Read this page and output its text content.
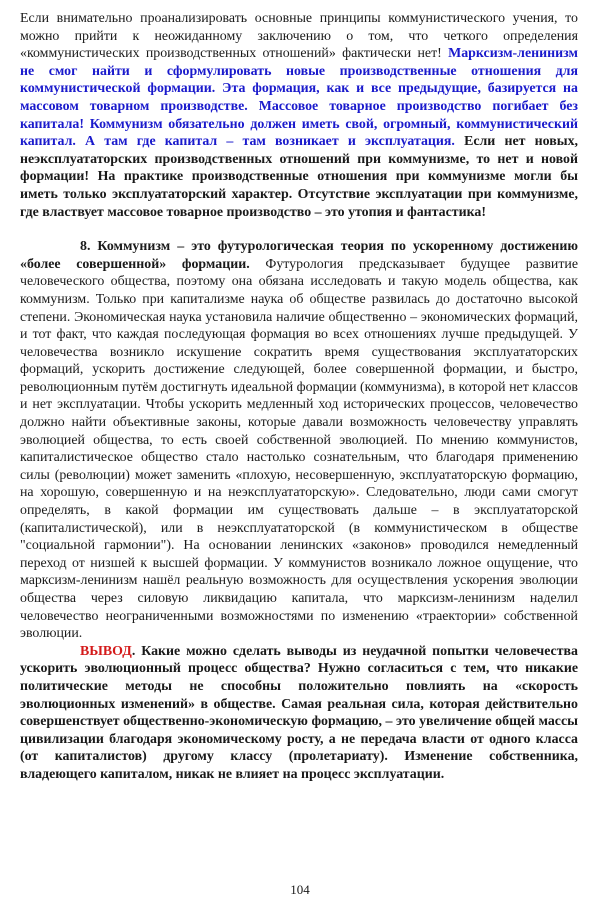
Если внимательно проанализировать основные принципы коммунистического учения, то можно прийти к неожиданному заключению о том, что четкого определения «коммунистических производственных отношений» фактически нет! Марксизм-ленинизм не смог найти и сформулировать новые производственные отношения для коммунистической формации. Эта формация, как и все предыдущие, базируется на массовом товарном производстве. Массовое товарное производство погибает без капитала! Коммунизм обязательно должен иметь свой, огромный, коммунистический капитал. А там где капитал – там возникает и эксплуатация. Если нет новых, неэксплуататорских производственных отношений при коммунизме, то нет и новой формации! На практике производственные отношения при коммунизме могли бы иметь только эксплуататорский характер. Отсутствие эксплуатации при коммунизме, где властвует массовое товарное производство – это утопия и фантастика!

8. Коммунизм – это футурологическая теория по ускоренному достижению «более совершенной» формации. Футурология предсказывает будущее развитие человеческого общества, поэтому она обязана исследовать и такую модель общества, как коммунизм. Только при капитализме наука об обществе развилась до достаточно высокой степени. Экономическая наука установила наличие общественно – экономических формаций, и тот факт, что каждая последующая формация во всех отношениях лучше предыдущей. У человечества возникло искушение сократить время существования эксплуататорских формаций, ускорить достижение следующей, более совершенной формации, и быстро, революционным путём достигнуть идеальной формации (коммунизма), в которой нет классов и нет эксплуатации. Чтобы ускорить медленный ход исторических процессов, человечество должно найти объективные законы, которые давали возможность человечеству управлять эволюцией общества, то есть своей собственной эволюцией. По мнению коммунистов, капиталистическое общество стало настолько сознательным, что благодаря применению силы (революции) может заменить «плохую, несовершенную, эксплуататорскую формацию, на хорошую, совершенную и на неэксплуататорскую». Следовательно, люди сами смогут определять, в какой формации им существовать дальше – в эксплуататорской (капиталистической), или в неэксплуататорской (в коммунистическом в обществе "социальной гармонии"). На основании ленинских «законов» проводился немедленный переход от низшей к высшей формации. У коммунистов возникало ложное ощущение, что марксизм-ленинизм нашёл реальную возможность для осуществления ускорения эволюции общества через силовую ликвидацию капитала, что марксизм-ленинизм наделил человечество неограниченными возможностями по изменению «траектории» собственной эволюции.

ВЫВОД. Какие можно сделать выводы из неудачной попытки человечества ускорить эволюционный процесс общества? Нужно согласиться с тем, что никакие политические методы не способны положительно повлиять на «скорость эволюционных изменений» в обществе. Самая реальная сила, которая действительно совершенствует общественно-экономическую формацию, – это увеличение общей массы цивилизации благодаря экономическому росту, а не передача власти от одного класса (от капиталистов) другому классу (пролетариату). Изменение собственника, владеющего капиталом, никак не влияет на процесс эксплуатации.

104
